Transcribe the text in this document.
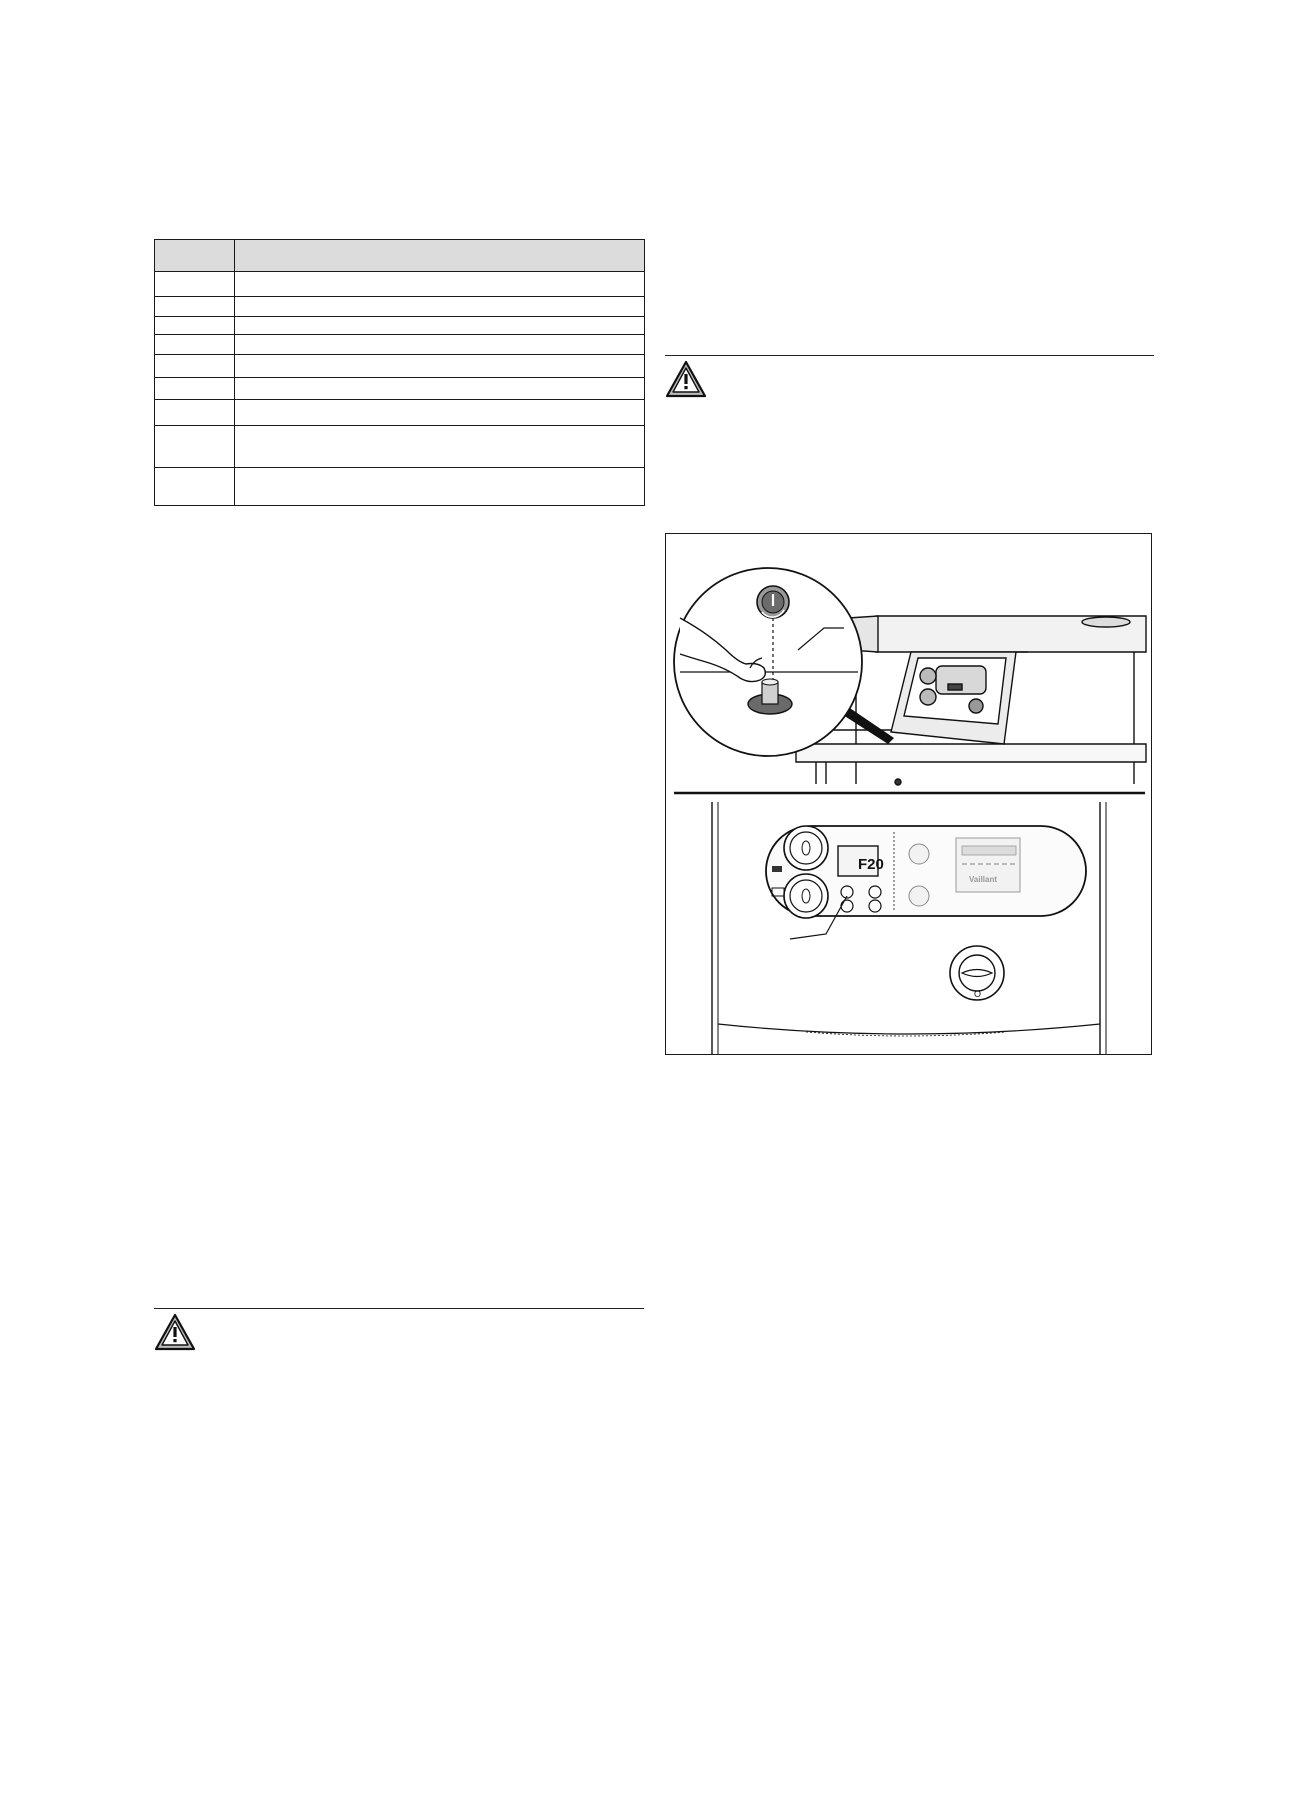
F20
Vaillant
I
O
